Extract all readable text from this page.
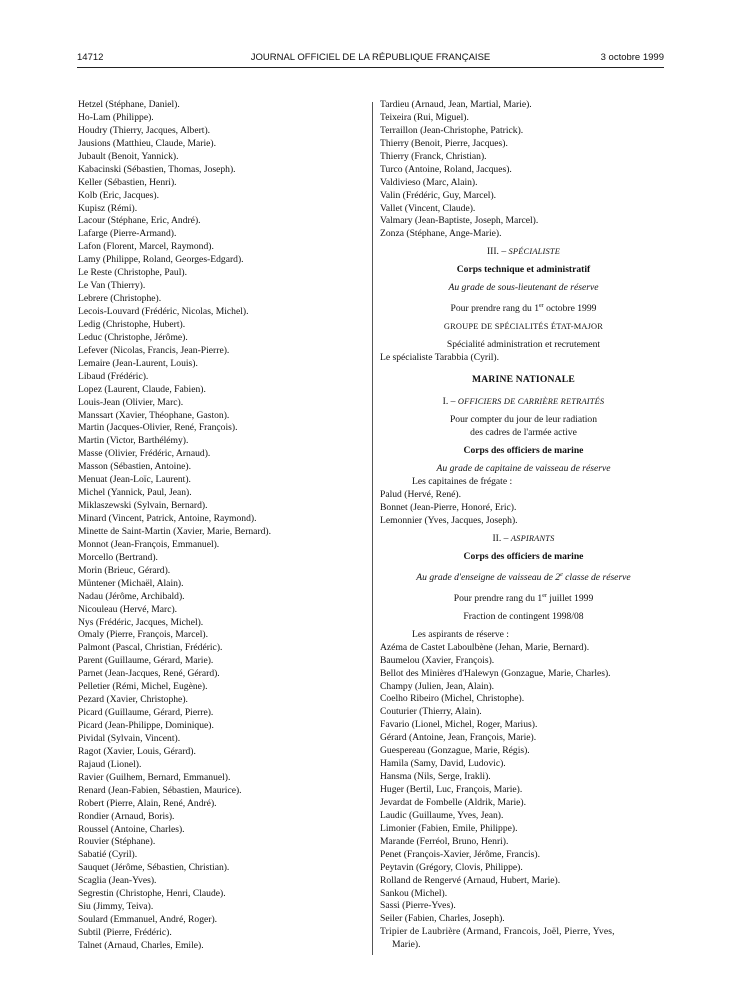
14712	JOURNAL OFFICIEL DE LA RÉPUBLIQUE FRANÇAISE	3 octobre 1999
Hetzel (Stéphane, Daniel).
Ho-Lam (Philippe).
Houdry (Thierry, Jacques, Albert).
Jausions (Matthieu, Claude, Marie).
Jubault (Benoit, Yannick).
Kabacinski (Sébastien, Thomas, Joseph).
Keller (Sébastien, Henri).
Kolb (Eric, Jacques).
Kupisz (Rémi).
Lacour (Stéphane, Eric, André).
Lafarge (Pierre-Armand).
Lafon (Florent, Marcel, Raymond).
Lamy (Philippe, Roland, Georges-Edgard).
Le Reste (Christophe, Paul).
Le Van (Thierry).
Lebrere (Christophe).
Lecois-Louvard (Frédéric, Nicolas, Michel).
Ledig (Christophe, Hubert).
Leduc (Christophe, Jérôme).
Lefever (Nicolas, Francis, Jean-Pierre).
Lemaire (Jean-Laurent, Louis).
Libaud (Frédéric).
Lopez (Laurent, Claude, Fabien).
Louis-Jean (Olivier, Marc).
Manssart (Xavier, Théophane, Gaston).
Martin (Jacques-Olivier, René, François).
Martin (Victor, Barthélémy).
Masse (Olivier, Frédéric, Arnaud).
Masson (Sébastien, Antoine).
Menuat (Jean-Loïc, Laurent).
Michel (Yannick, Paul, Jean).
Miklaszewski (Sylvain, Bernard).
Minard (Vincent, Patrick, Antoine, Raymond).
Minette de Saint-Martin (Xavier, Marie, Bernard).
Monnot (Jean-François, Emmanuel).
Morcello (Bertrand).
Morin (Brieuc, Gérard).
Müntener (Michaël, Alain).
Nadau (Jérôme, Archibald).
Nicouleau (Hervé, Marc).
Nys (Frédéric, Jacques, Michel).
Omaly (Pierre, François, Marcel).
Palmont (Pascal, Christian, Frédéric).
Parent (Guillaume, Gérard, Marie).
Parnet (Jean-Jacques, René, Gérard).
Pelletier (Rémi, Michel, Eugène).
Pezard (Xavier, Christophe).
Picard (Guillaume, Gérard, Pierre).
Picard (Jean-Philippe, Dominique).
Pividal (Sylvain, Vincent).
Ragot (Xavier, Louis, Gérard).
Rajaud (Lionel).
Ravier (Guilhem, Bernard, Emmanuel).
Renard (Jean-Fabien, Sébastien, Maurice).
Robert (Pierre, Alain, René, André).
Rondier (Arnaud, Boris).
Roussel (Antoine, Charles).
Rouvier (Stéphane).
Sabatié (Cyril).
Sauquet (Jérôme, Sébastien, Christian).
Scaglia (Jean-Yves).
Segrestin (Christophe, Henri, Claude).
Siu (Jimmy, Teiva).
Soulard (Emmanuel, André, Roger).
Subtil (Pierre, Frédéric).
Talnet (Arnaud, Charles, Emile).
Tardieu (Arnaud, Jean, Martial, Marie).
Teixeira (Rui, Miguel).
Terraillon (Jean-Christophe, Patrick).
Thierry (Benoit, Pierre, Jacques).
Thierry (Franck, Christian).
Turco (Antoine, Roland, Jacques).
Valdivieso (Marc, Alain).
Valin (Frédéric, Guy, Marcel).
Vallet (Vincent, Claude).
Valmary (Jean-Baptiste, Joseph, Marcel).
Zonza (Stéphane, Ange-Marie).
III. – SPÉCIALISTE
Corps technique et administratif
Au grade de sous-lieutenant de réserve
Pour prendre rang du 1er octobre 1999
GROUPE DE SPÉCIALITÉS ÉTAT-MAJOR
Spécialité administration et recrutement
Le spécialiste Tarabbia (Cyril).
MARINE NATIONALE
I. – OFFICIERS DE CARRIÈRE RETRAITÉS
Pour compter du jour de leur radiation
des cadres de l'armée active
Corps des officiers de marine
Au grade de capitaine de vaisseau de réserve
Les capitaines de frégate :
Palud (Hervé, René).
Bonnet (Jean-Pierre, Honoré, Eric).
Lemonnier (Yves, Jacques, Joseph).
II. – ASPIRANTS
Corps des officiers de marine
Au grade d'enseigne de vaisseau de 2e classe de réserve
Pour prendre rang du 1er juillet 1999
Fraction de contingent 1998/08
Les aspirants de réserve :
Azéma de Castet Laboulbène (Jehan, Marie, Bernard).
Baumelou (Xavier, François).
Bellot des Minières d'Halewyn (Gonzague, Marie, Charles).
Champy (Julien, Jean, Alain).
Coelho Ribeiro (Michel, Christophe).
Couturier (Thierry, Alain).
Favario (Lionel, Michel, Roger, Marius).
Gérard (Antoine, Jean, François, Marie).
Guespereau (Gonzague, Marie, Régis).
Hamila (Samy, David, Ludovic).
Hansma (Nils, Serge, Irakli).
Huger (Bertil, Luc, François, Marie).
Jevardat de Fombelle (Aldrik, Marie).
Laudic (Guillaume, Yves, Jean).
Limonier (Fabien, Emile, Philippe).
Marande (Ferréol, Bruno, Henri).
Penet (François-Xavier, Jérôme, Francis).
Peytavin (Grégory, Clovis, Philippe).
Rolland de Rengervé (Arnaud, Hubert, Marie).
Sankou (Michel).
Sassi (Pierre-Yves).
Seiler (Fabien, Charles, Joseph).
Tripier de Laubrière (Armand, Francois, Joël, Pierre, Yves,
Marie).
